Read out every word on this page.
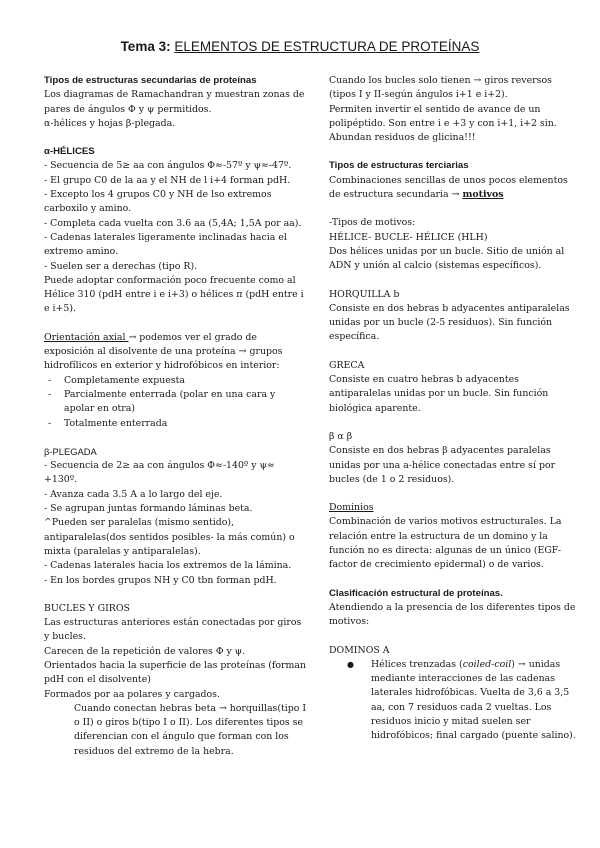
Tema 3: ELEMENTOS DE ESTRUCTURA DE PROTEÍNAS

Tipos de estructuras secundarias de proteínas

Los diagramas de Ramachandran y muestran zonas de pares de ángulos Φ y ψ permitidos.

α-hélices y hojas β-plegada.

α-HÉLICES

- Secuencia de 5≥ aa con ángulos Φ≈-57º y ψ≈-47º.

- El grupo C0 de la aa y el NH de l i+4 forman pdH.

- Excepto los 4 grupos C0 y NH de lso extremos carboxilo y amino.

- Completa cada vuelta con 3.6 aa (5,4A; 1,5A por aa).

- Cadenas laterales ligeramente inclinadas hacia el extremo amino.

- Suelen ser a derechas (tipo R).

Puede adoptar conformación poco frecuente como al Hélice 310 (pdH entre i e i+3) o hélices π (pdH entre i e i+5).

Orientación axial → podemos ver el grado de exposición al disolvente de una proteína → grupos hidrofílicos en exterior y hidrofóbicos en interior:

- Completamente expuesta
- Parcialmente enterrada (polar en una cara y apolar en otra)
- Totalmente enterrada

β-PLEGADA

- Secuencia de 2≥ aa con ángulos Φ≈-140º y ψ≈ +130º.

- Avanza cada 3.5 A a lo largo del eje.

- Se agrupan juntas formando láminas beta.

^Pueden ser paralelas (mismo sentido), antiparalelas(dos sentidos posibles- la más común) o mixta (paralelas y antiparalelas).

- Cadenas laterales hacia los extremos de la lámina.

- En los bordes grupos NH y C0 tbn forman pdH.

BUCLES Y GIROS

Las estructuras anteriores están conectadas por giros y bucles.

Carecen de la repetición de valores Φ y ψ.

Orientados hacia la superficie de las proteínas (forman pdH con el disolvente)

Formados por aa polares y cargados.

Cuando conectan hebras beta → horquillas(tipo I o II) o giros b(tipo I o II). Los diferentes tipos se diferencian con el ángulo que forman con los residuos del extremo de la hebra.

Cuando los bucles solo tienen → giros reversos (tipos I y II-según ángulos i+1 e i+2).

Permiten invertir el sentido de avance de un polipéptido. Son entre i e +3 y con i+1, i+2 sin. Abundan residuos de glicina!!!

Tipos de estructuras terciarias

Combinaciones sencillas de unos pocos elementos de estructura secundaria → motivos

-Tipos de motivos:

HÉLICE- BUCLE- HÉLICE (HLH)

Dos hélices unidas por un bucle. Sitio de unión al ADN y unión al calcio (sistemas específicos).

HORQUILLA b

Consiste en dos hebras b adyacentes antiparalelas unidas por un bucle (2-5 residuos). Sin función específica.

GRECA

Consiste en cuatro hebras b adyacentes antiparalelas unidas por un bucle. Sin función biológica aparente.

β α β

Consiste en dos hebras β adyacentes paralelas unidas por una a-hélice conectadas entre sí por bucles (de 1 o 2 residuos).

Dominios

Combinación de varios motivos estructurales. La relación entre la estructura de un domino y la función no es directa: algunas de un único (EGF-factor de crecimiento epidermal) o de varios.

Clasificación estructural de proteínas.

Atendiendo a la presencia de los diferentes tipos de motivos:

DOMINOS A

● Hélices trenzadas (coiled-coil) → unidas mediante interacciones de las cadenas laterales hidrofóbicas. Vuelta de 3,6 a 3,5 aa, con 7 residuos cada 2 vueltas. Los residuos inicio y mitad suelen ser hidrofóbicos; final cargado (puente salino).
